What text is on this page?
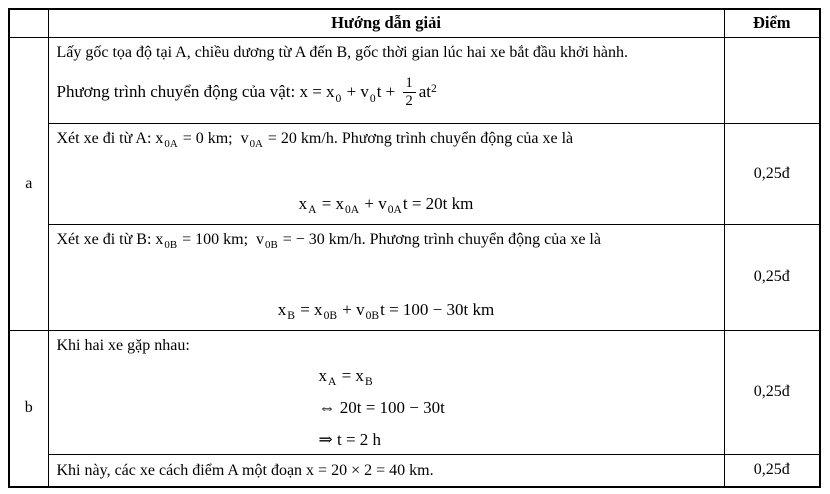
	Hướng dẫn giải	Điểm
a	Lấy gốc tọa độ tại A, chiều dương từ A đến B, gốc thời gian lúc hai xe bắt đầu khởi hành.
Phương trình chuyển động của vật: $x = x_0 + v_0t + \frac{1}{2} at^2$

	Xét xe đi từ A: $x_{0A} = 0$ km;  $v_{0A} = 20$ km/h. Phương trình chuyển động của xe là
$x_A = x_{0A} + v_{0A}t = 20t$ km	0,25đ

	Xét xe đi từ B: $x_{0B} = 100$ km;  $v_{0B}$ = − 30 km/h. Phương trình chuyển động của xe là
$x_B = x_{0B} + v_{0B}t = 100 - 30t$ km	0,25đ
b	Khi hai xe gặp nhau:
$x_A = x_B$
⇔ 20t = 100 − 30t
⇒ t = 2 h	0,25đ

	Khi này, các xe cách điểm A một đoạn x = 20 × 2 = 40 km.	0,25đ
